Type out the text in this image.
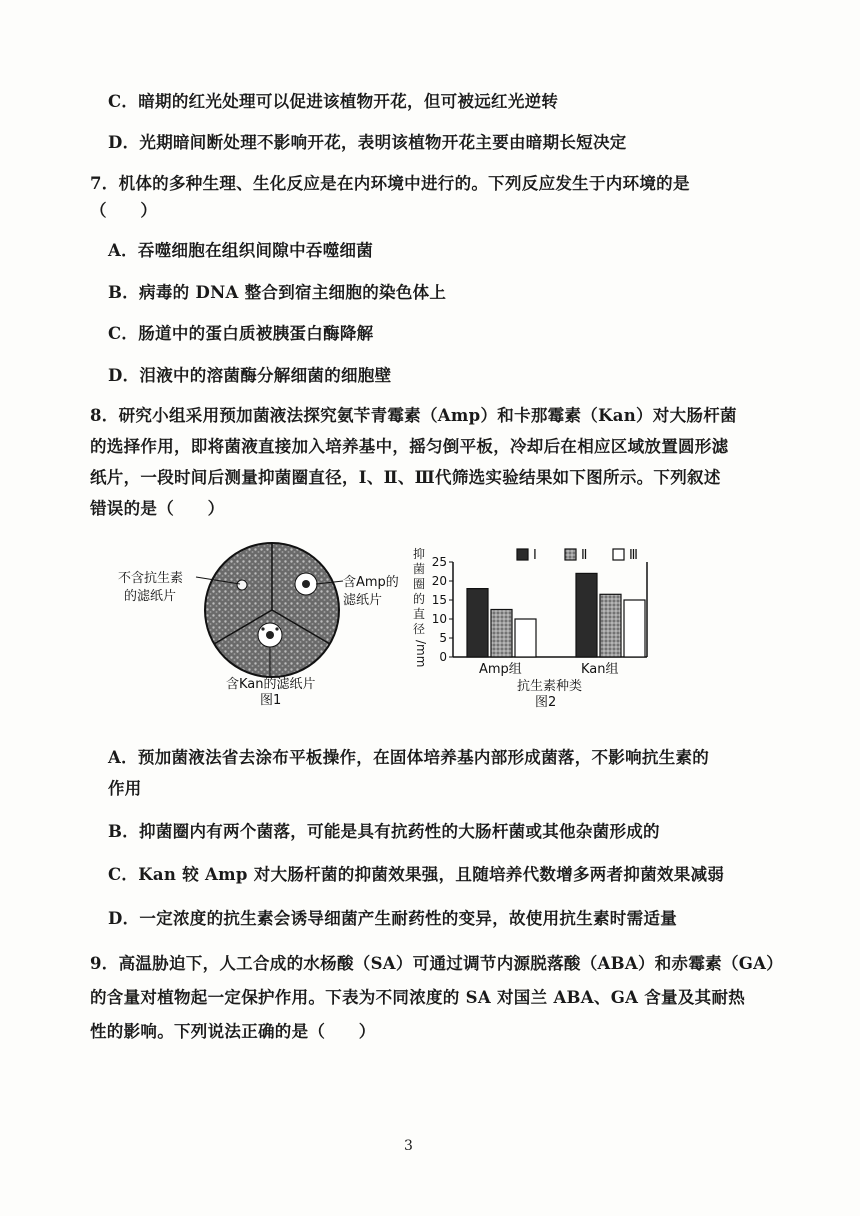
C．暗期的红光处理可以促进该植物开花，但可被远红光逆转
D．光期暗间断处理不影响开花，表明该植物开花主要由暗期长短决定
7．机体的多种生理、生化反应是在内环境中进行的。下列反应发生于内环境的是
（　　）
A．吞噬细胞在组织间隙中吞噬细菌
B．病毒的 DNA 整合到宿主细胞的染色体上
C．肠道中的蛋白质被胰蛋白酶降解
D．泪液中的溶菌酶分解细菌的细胞壁
8．研究小组采用预加菌液法探究氨苄青霉素（Amp）和卡那霉素（Kan）对大肠杆菌
的选择作用，即将菌液直接加入培养基中，摇匀倒平板，冷却后在相应区域放置圆形滤
纸片，一段时间后测量抑菌圈直径，Ⅰ、Ⅱ、Ⅲ代筛选实验结果如下图所示。下列叙述
错误的是（　　）
不含抗生素
的滤纸片
含Amp的
滤纸片
含Kan的滤纸片
图1
抑
菌
圈
的
直
径
/mm
25
20
15
10
5
0
Ⅰ	Ⅱ	Ⅲ
Amp组	Kan组
抗生素种类
图2
A．预加菌液法省去涂布平板操作，在固体培养基内部形成菌落，不影响抗生素的
作用
B．抑菌圈内有两个菌落，可能是具有抗药性的大肠杆菌或其他杂菌形成的
C．Kan 较 Amp 对大肠杆菌的抑菌效果强，且随培养代数增多两者抑菌效果减弱
D．一定浓度的抗生素会诱导细菌产生耐药性的变异，故使用抗生素时需适量
9．高温胁迫下，人工合成的水杨酸（SA）可通过调节内源脱落酸（ABA）和赤霉素（GA）
的含量对植物起一定保护作用。下表为不同浓度的 SA 对国兰 ABA、GA 含量及其耐热
性的影响。下列说法正确的是（　　）
3
